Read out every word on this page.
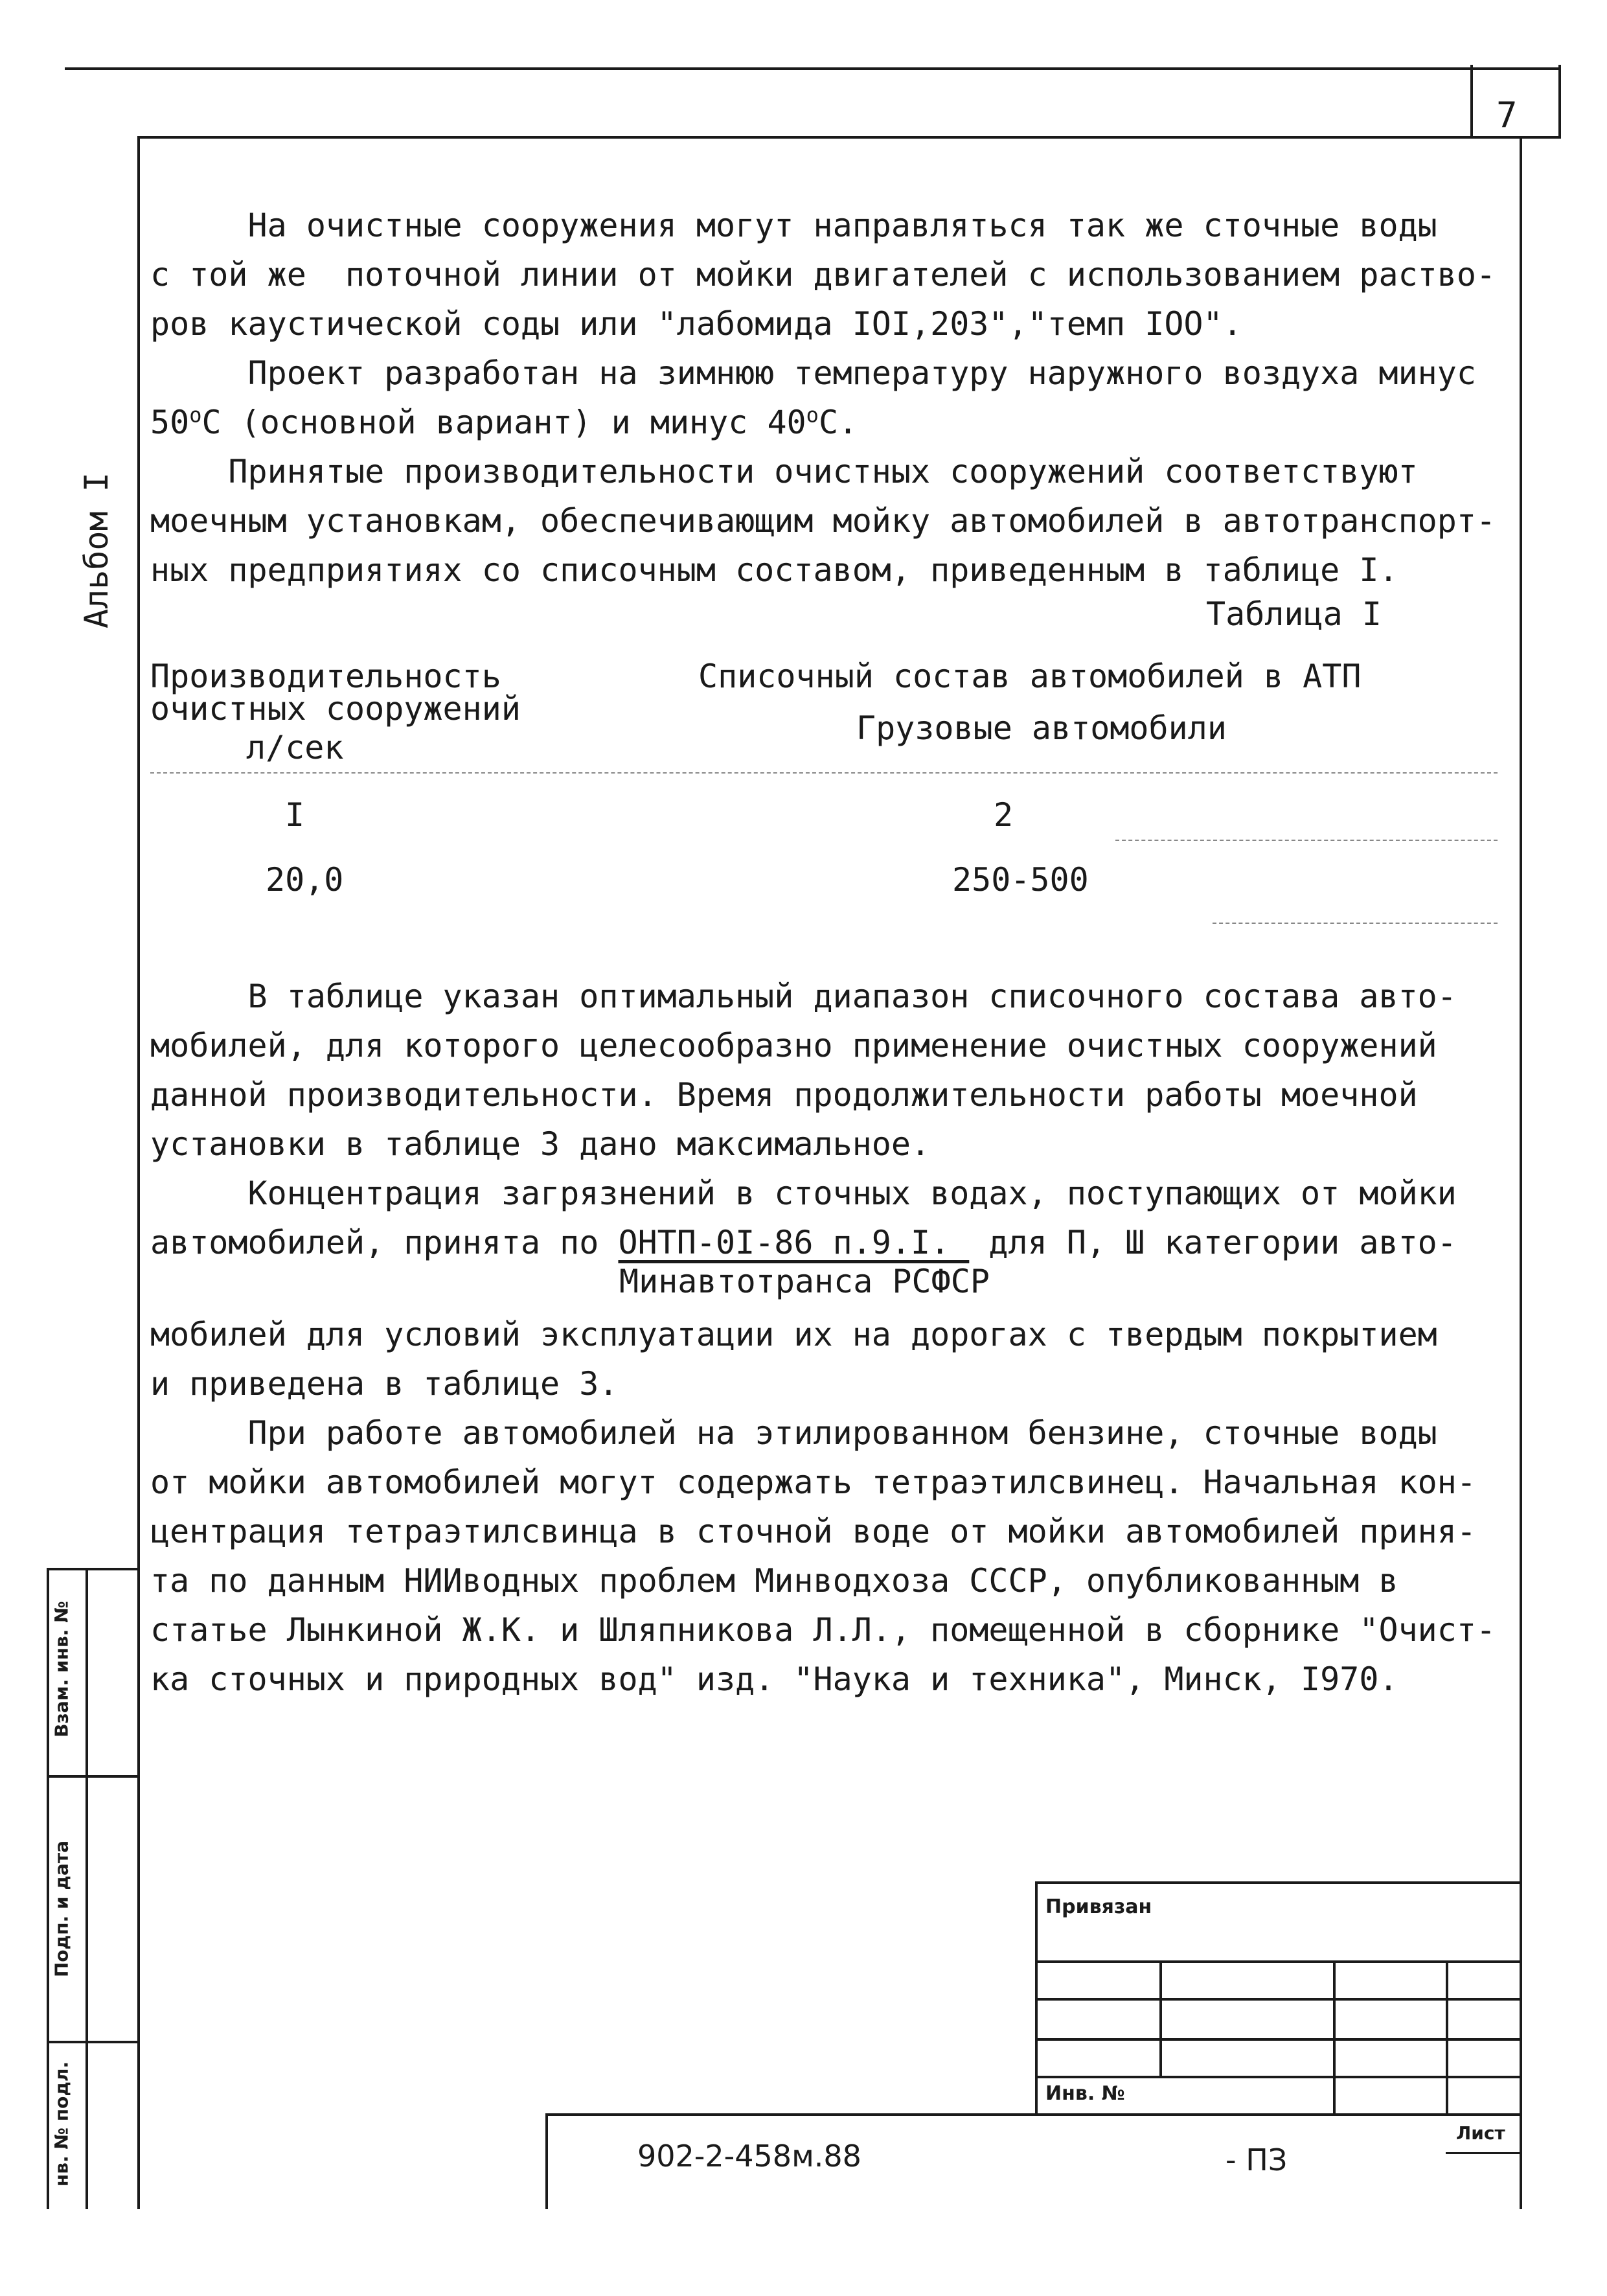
7
Альбом I

На очистные сооружения могут направляться так же сточные воды

с той же  поточной линии от мойки двигателей с использованием раство-

ров каустической соды или "лабомида IOI,203","темп IOO".

Проект разработан на зимнюю температуру наружного воздуха минус

50$^o$C (основной вариант) и минус 40$^o$C.

Принятые производительности очистных сооружений соответствуют

моечным установкам, обеспечивающим мойку автомобилей в автотранспорт-

ных предприятиях со списочным составом, приведенным в таблице I.

Таблица I
Производительность
очистных сооружений
л/сек
Списочный состав автомобилей в АТП
Грузовые автомобили
I	2
20,0	250-500

В таблице указан оптимальный диапазон списочного состава авто-

мобилей, для которого целесообразно применение очистных сооружений

данной производительности. Время продолжительности работы моечной

установки в таблице 3 дано максимальное.

Концентрация загрязнений в сточных водах, поступающих от мойки

автомобилей, принята по ОНТП-0I-86 п.9.I.  для П, Ш категории авто-

Минавтотранса РСФСР

мобилей для условий эксплуатации их на дорогах с твердым покрытием

и приведена в таблице 3.

При работе автомобилей на этилированном бензине, сточные воды

от мойки автомобилей могут содержать тетраэтилсвинец. Начальная кон-

центрация тетраэтилсвинца в сточной воде от мойки автомобилей приня-

та по данным НИИводных проблем Минводхоза СССР, опубликованным в

статье Лынкиной Ж.К. и Шляпникова Л.Л., помещенной в сборнике "Очист-

ка сточных и природных вод" изд. "Наука и техника", Минск, I970.

Взам. инв. №
Подп. и дата
нв. № подл.
Привязан
Инв. №
Лист
902-2-458м.88	- ПЗ
